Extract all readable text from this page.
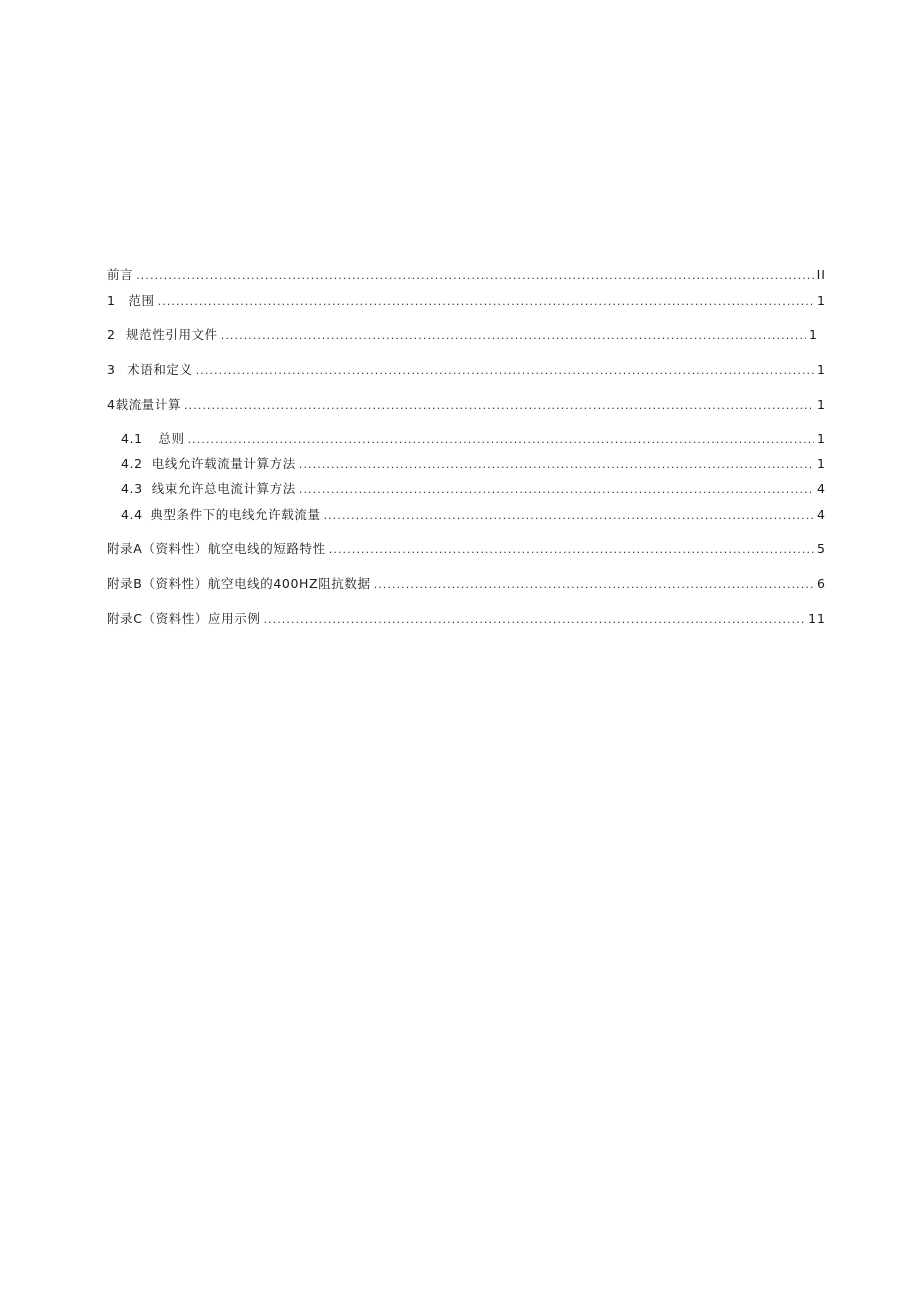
前言 . . .	II
1	范围 . . .	1
2 规范性引用文件 . . .	1
3 术语和定义 . . .	1
4 载流量计算 . . .	1
4.1	总则 . . .	1
4.2 电线允许载流量计算方法 . . .	1
4.3 线束允许总电流计算方法 . . .	4
4.4 典型条件下的电线允许载流量 . . .	4
附录A（资料性）航空电线的短路特性 . . .	5
附录B（资料性）航空电线的400HZ阻抗数据 . . .	6
附录C（资料性）应用示例 . . .	11
